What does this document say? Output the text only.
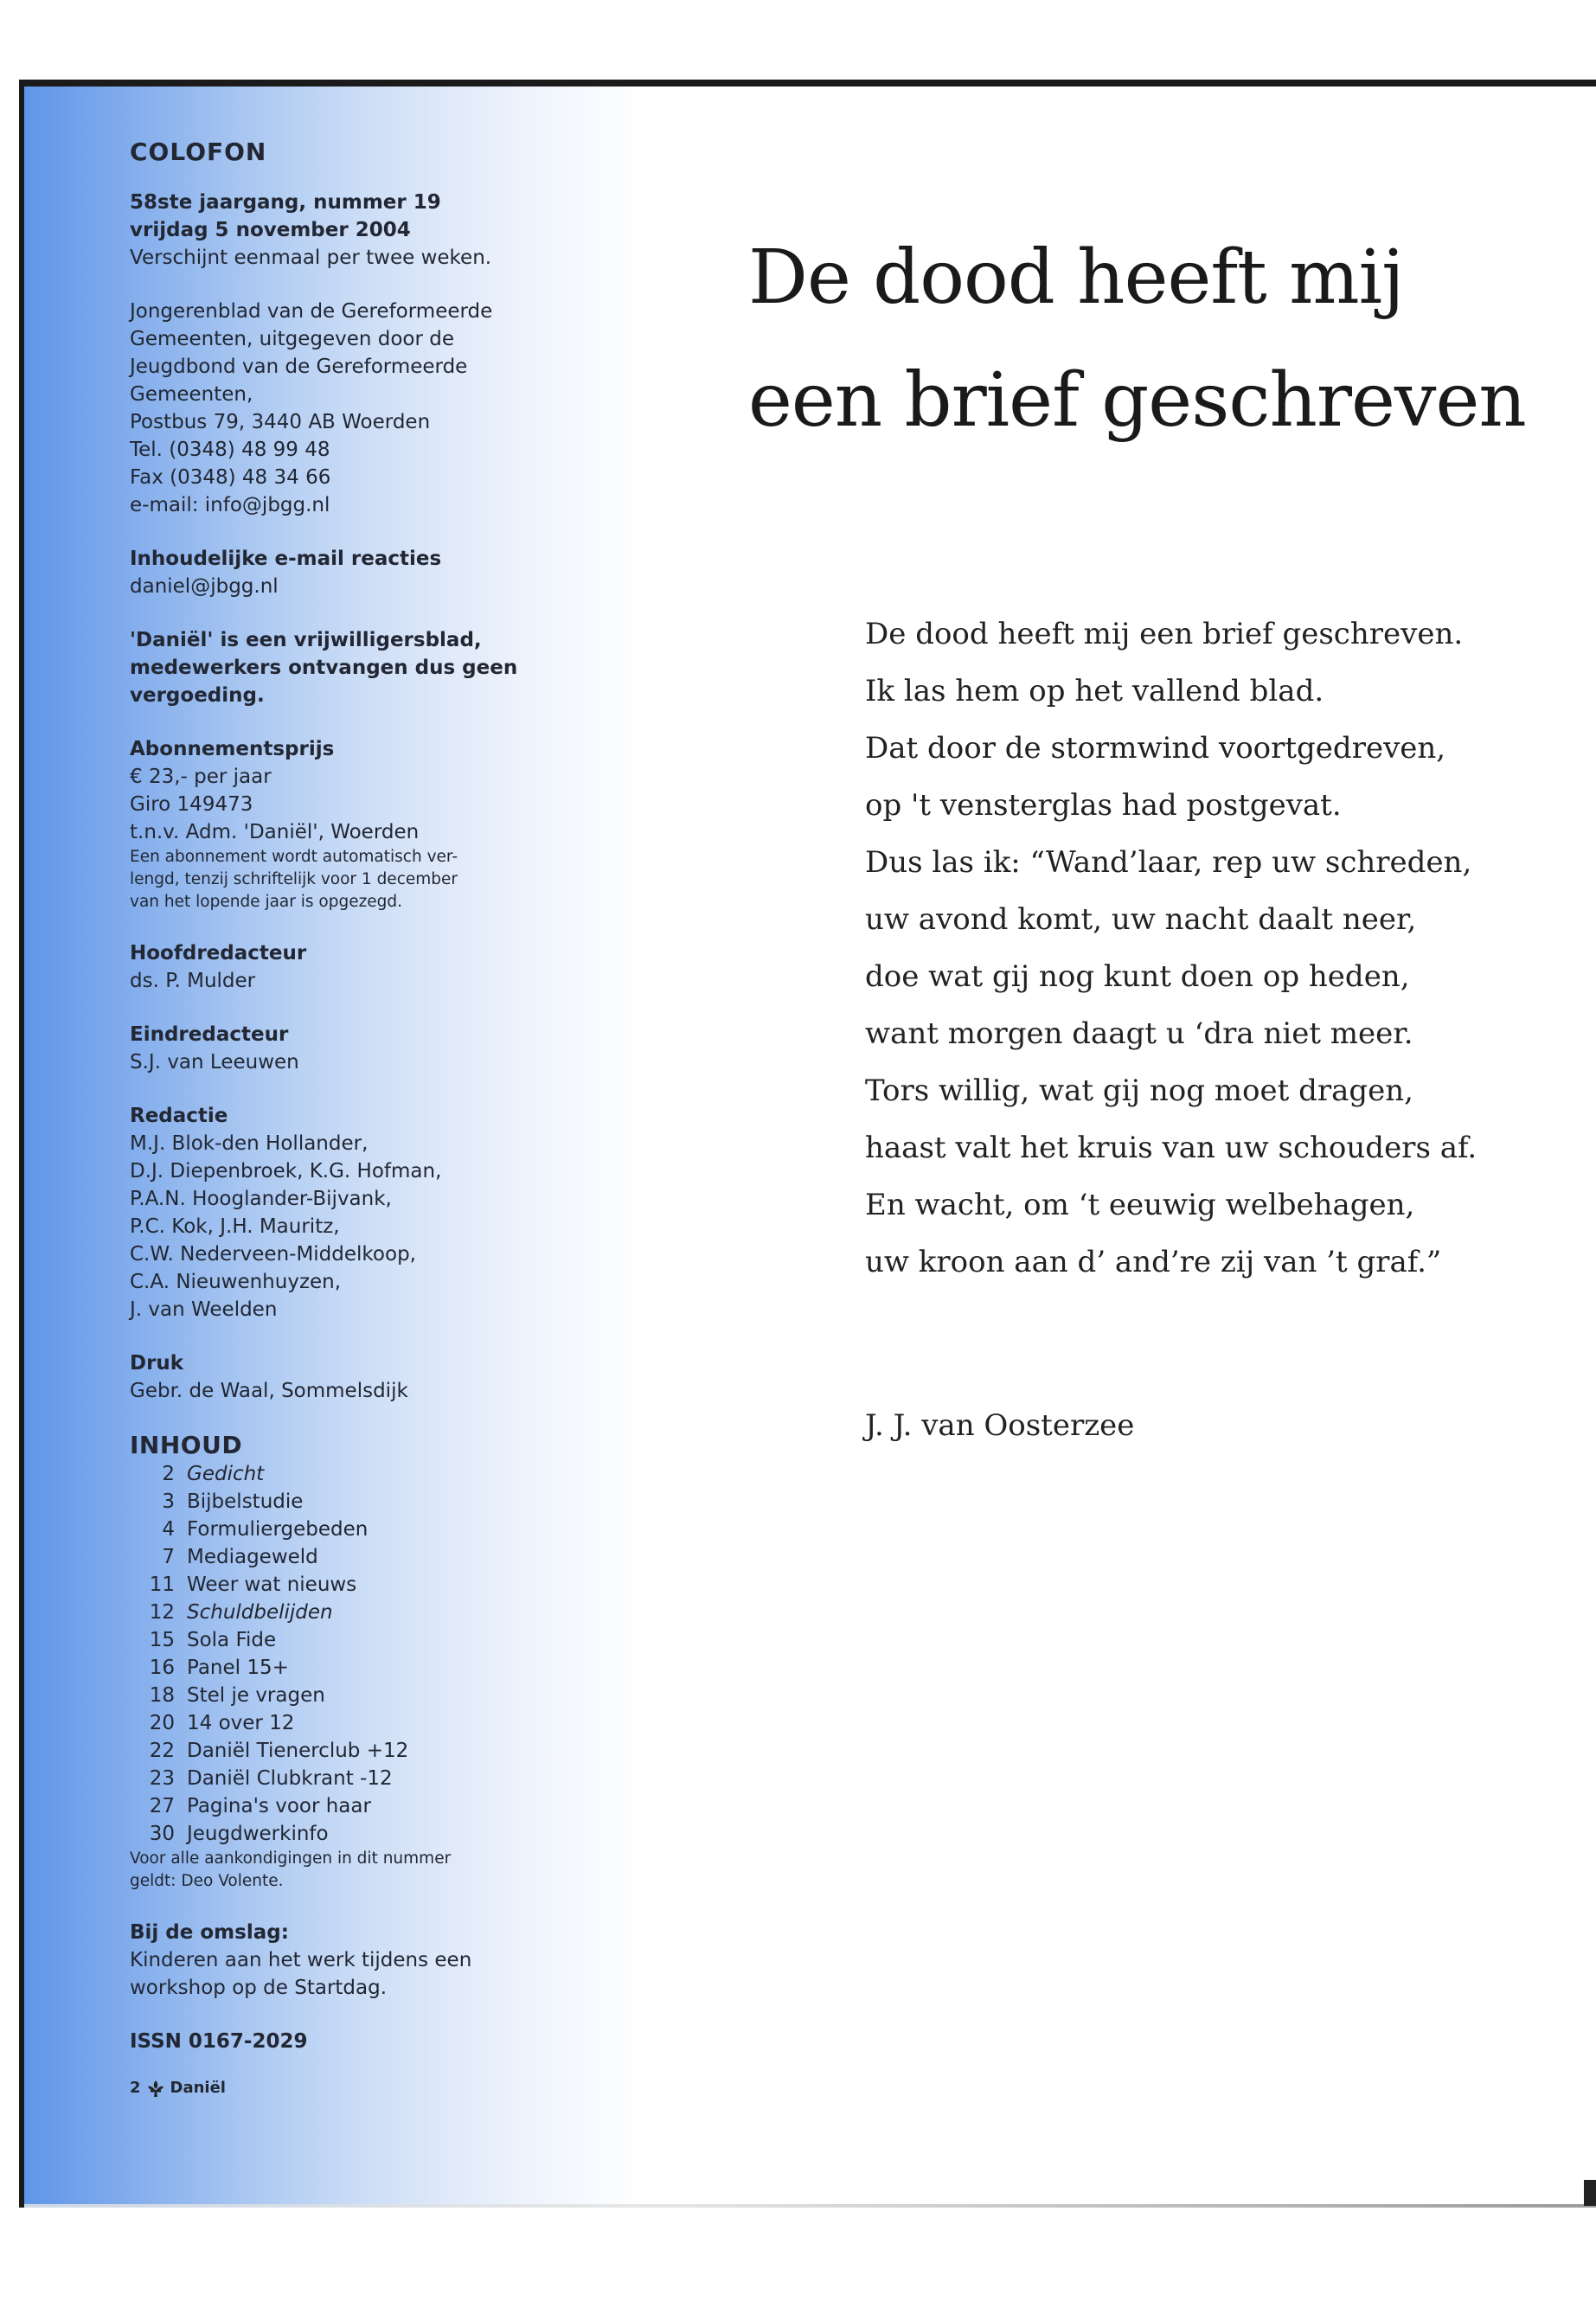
COLOFON
58ste jaargang, nummer 19
vrijdag 5 november 2004
Verschijnt eenmaal per twee weken.
Jongerenblad van de Gereformeerde
Gemeenten, uitgegeven door de
Jeugdbond van de Gereformeerde
Gemeenten,
Postbus 79, 3440 AB Woerden
Tel. (0348) 48 99 48
Fax (0348) 48 34 66
e-mail: info@jbgg.nl
Inhoudelijke e-mail reacties
daniel@jbgg.nl
'Daniël' is een vrijwilligersblad,
medewerkers ontvangen dus geen
vergoeding.
Abonnementsprijs
€ 23,- per jaar
Giro 149473
t.n.v. Adm. 'Daniël', Woerden
Een abonnement wordt automatisch ver-
lengd, tenzij schriftelijk voor 1 december
van het lopende jaar is opgezegd.
Hoofdredacteur
ds. P. Mulder
Eindredacteur
S.J. van Leeuwen
Redactie
M.J. Blok-den Hollander,
D.J. Diepenbroek, K.G. Hofman,
P.A.N. Hooglander-Bijvank,
P.C. Kok, J.H. Mauritz,
C.W. Nederveen-Middelkoop,
C.A. Nieuwenhuyzen,
J. van Weelden
Druk
Gebr. de Waal, Sommelsdijk
INHOUD
2 Gedicht
3 Bijbelstudie
4 Formuliergebeden
7 Mediageweld
11 Weer wat nieuws
12 Schuldbelijden
15 Sola Fide
16 Panel 15+
18 Stel je vragen
20 14 over 12
22 Daniël Tienerclub +12
23 Daniël Clubkrant -12
27 Pagina's voor haar
30 Jeugdwerkinfo
Voor alle aankondigingen in dit nummer
geldt: Deo Volente.
Bij de omslag:
Kinderen aan het werk tijdens een
workshop op de Startdag.
ISSN 0167-2029
2 Daniël
De dood heeft mij
een brief geschreven
De dood heeft mij een brief geschreven.
Ik las hem op het vallend blad.
Dat door de stormwind voortgedreven,
op 't vensterglas had postgevat.
Dus las ik: “Wand’laar, rep uw schreden,
uw avond komt, uw nacht daalt neer,
doe wat gij nog kunt doen op heden,
want morgen daagt u ‘dra niet meer.
Tors willig, wat gij nog moet dragen,
haast valt het kruis van uw schouders af.
En wacht, om ‘t eeuwig welbehagen,
uw kroon aan d’ and’re zij van ’t graf.”
J. J. van Oosterzee
